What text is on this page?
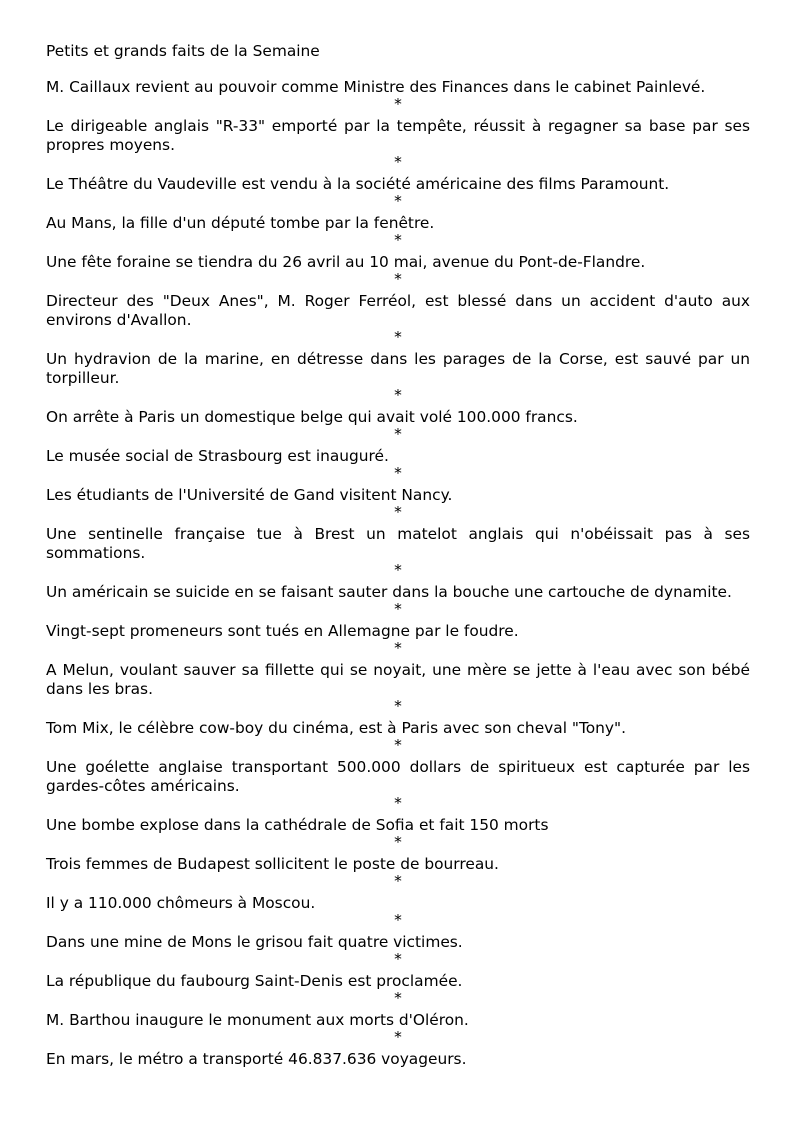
Petits et grands faits de la Semaine

M. Caillaux revient au pouvoir comme Ministre des Finances dans le cabinet Painlevé.

*

Le dirigeable anglais "R-33" emporté par la tempête, réussit à regagner sa base par ses propres moyens.

*

Le Théâtre du Vaudeville est vendu à la société américaine des films Paramount.

*

Au Mans, la fille d'un député tombe par la fenêtre.

*

Une fête foraine se tiendra du 26 avril au 10 mai, avenue du Pont-de-Flandre.

*

Directeur des "Deux Anes", M. Roger Ferréol, est blessé dans un accident d'auto aux environs d'Avallon.

*

Un hydravion de la marine, en détresse dans les parages de la Corse, est sauvé par un torpilleur.

*

On arrête à Paris un domestique belge qui avait volé 100.000 francs.

*

Le musée social de Strasbourg est inauguré.

*

Les étudiants de l'Université de Gand visitent Nancy.

*

Une sentinelle française tue à Brest un matelot anglais qui n'obéissait pas à ses sommations.

*

Un américain se suicide en se faisant sauter dans la bouche une cartouche de dynamite.

*

Vingt-sept promeneurs sont tués en Allemagne par le foudre.

*

A Melun, voulant sauver sa fillette qui se noyait, une mère se jette à l'eau avec son bébé dans les bras.

*

Tom Mix, le célèbre cow-boy du cinéma, est à Paris avec son cheval "Tony".

*

Une goélette anglaise transportant 500.000 dollars de spiritueux est capturée par les gardes-côtes américains.

*

Une bombe explose dans la cathédrale de Sofia et fait 150 morts

*

Trois femmes de Budapest sollicitent le poste de bourreau.

*

Il y a 110.000 chômeurs à Moscou.

*

Dans une mine de Mons le grisou fait quatre victimes.

*

La république du faubourg Saint-Denis est proclamée.

*

M. Barthou inaugure le monument aux morts d'Oléron.

*

En mars, le métro a transporté 46.837.636 voyageurs.
